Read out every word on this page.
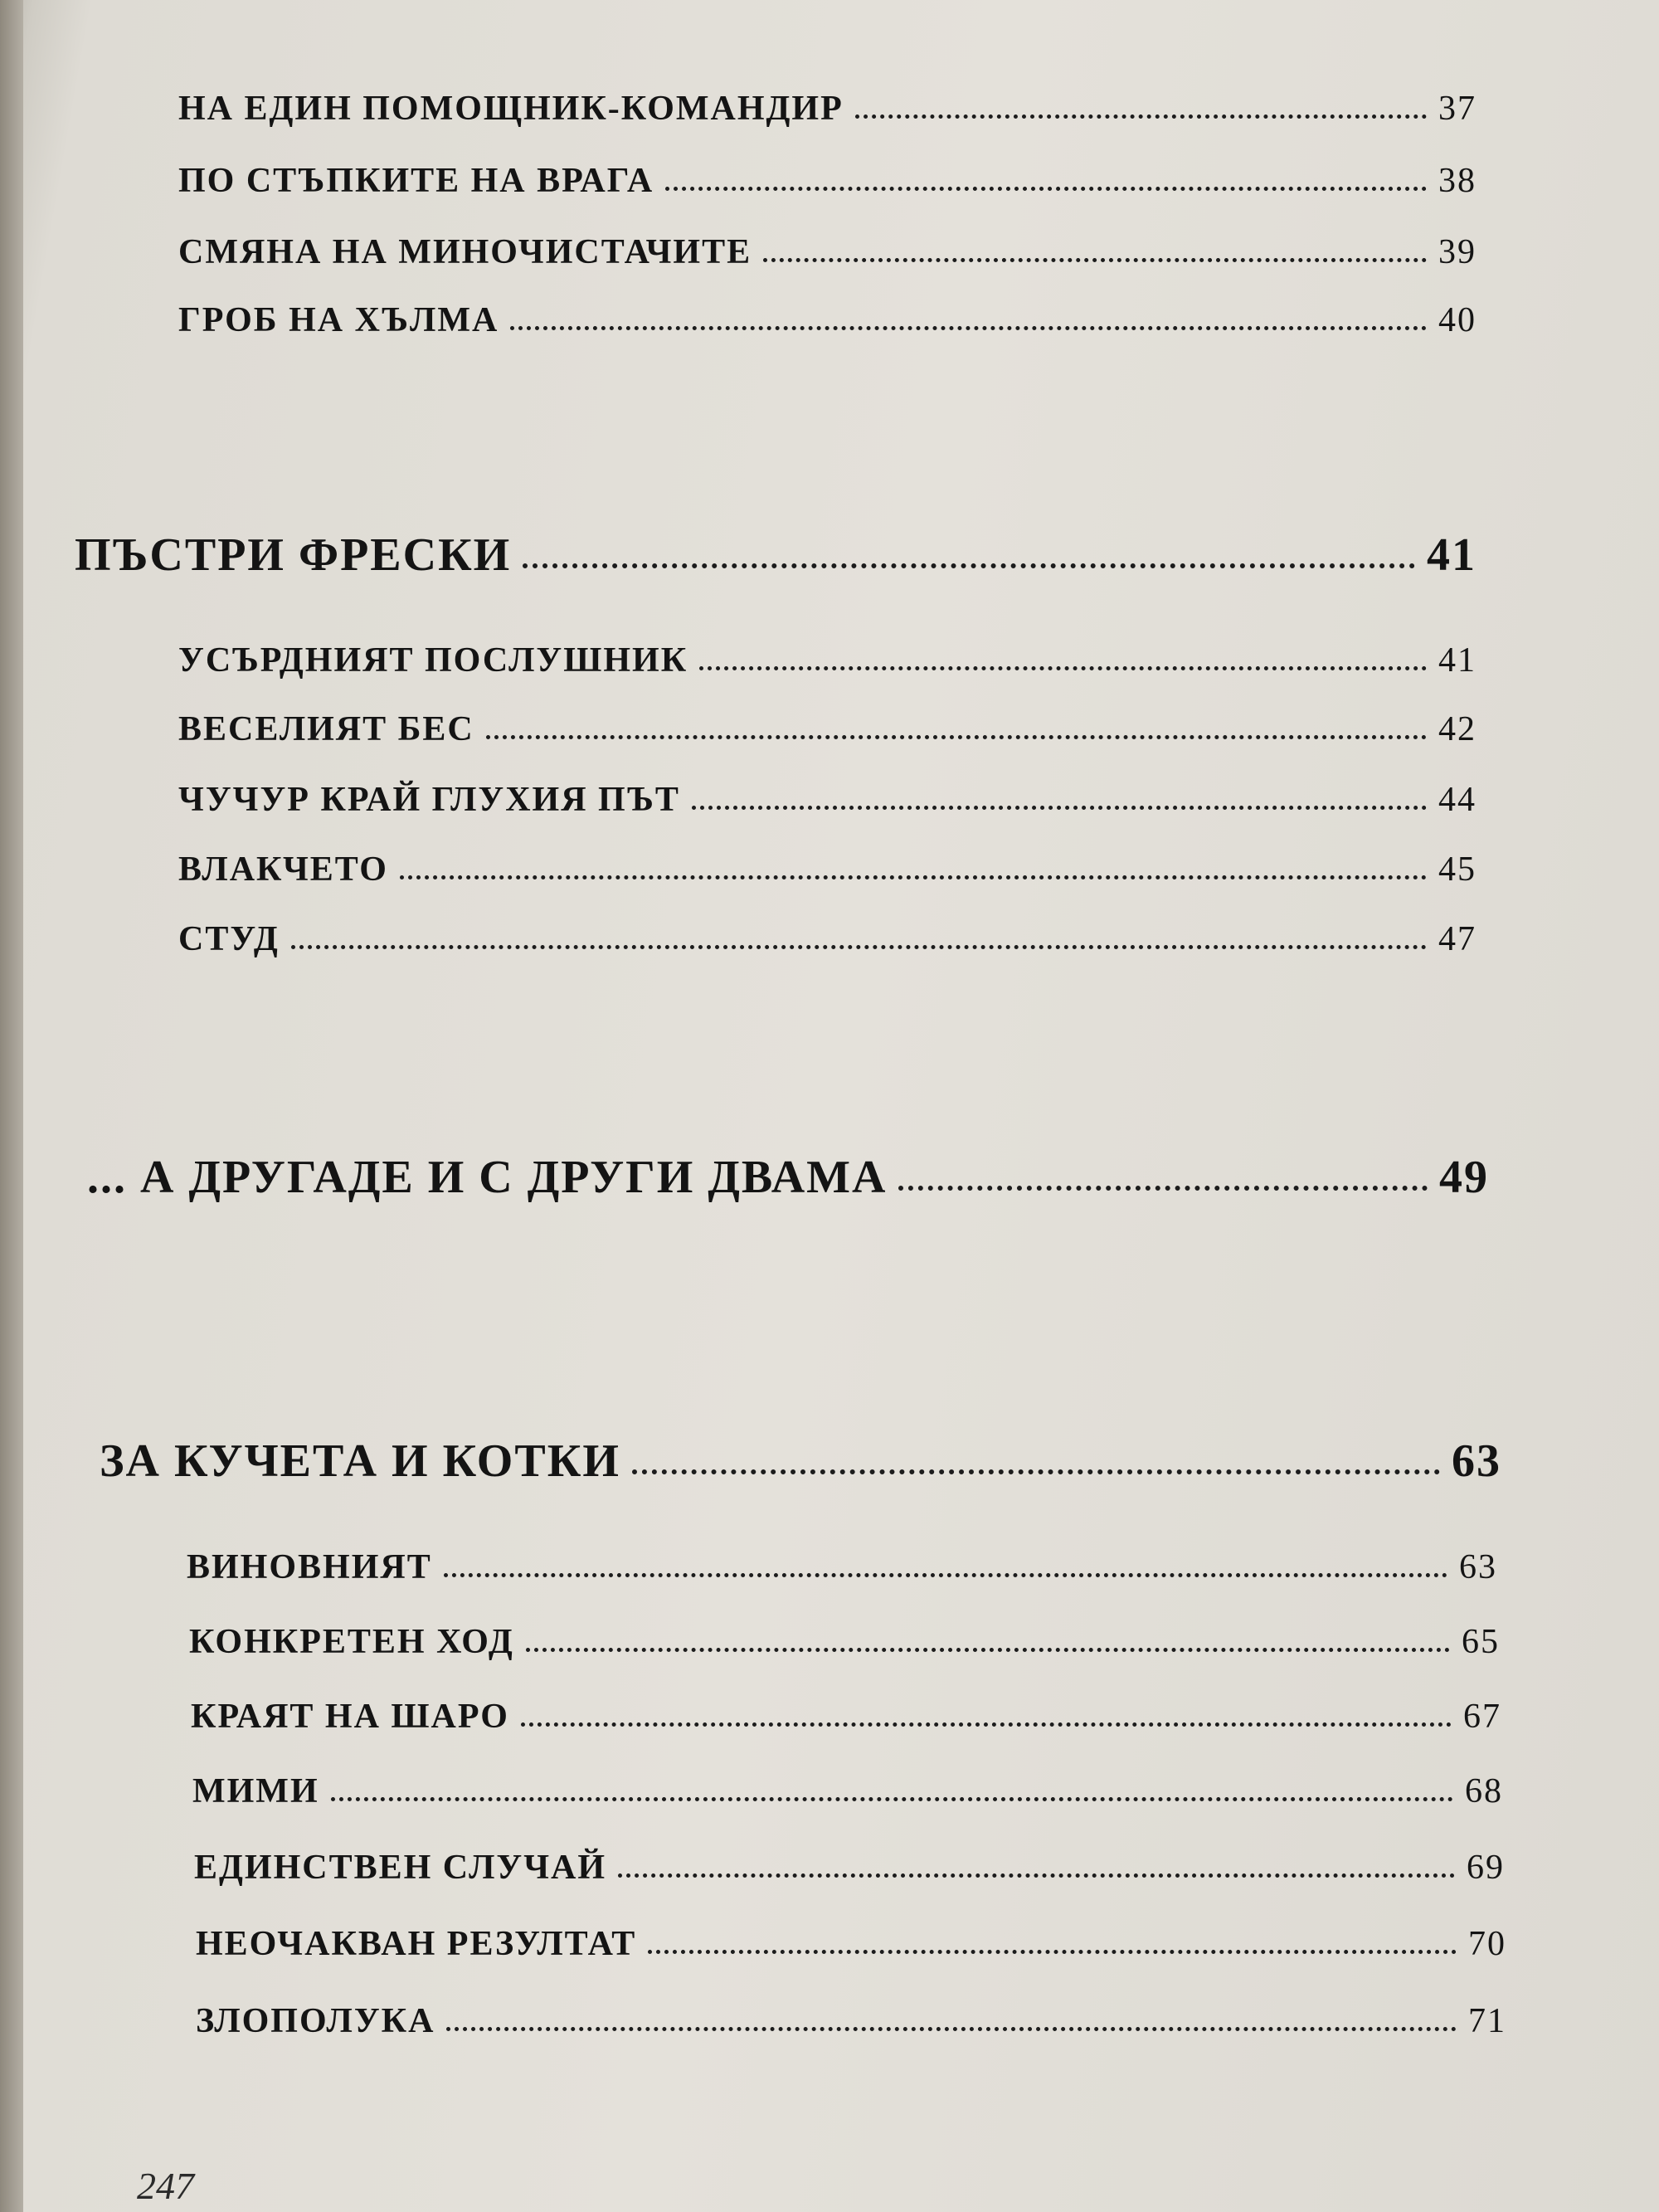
НА ЕДИН ПОМОЩНИК-КОМАНДИР	37
ПО СТЪПКИТЕ НА ВРАГА	38
СМЯНА НА МИНОЧИСТАЧИТЕ	39
ГРОБ НА ХЪЛМА	40
ПЪСТРИ ФРЕСКИ	41
УСЪРДНИЯТ ПОСЛУШНИК	41
ВЕСЕЛИЯТ БЕС	42
ЧУЧУР КРАЙ ГЛУХИЯ ПЪТ	44
ВЛАКЧЕТО	45
СТУД	47
... А ДРУГАДЕ И С ДРУГИ ДВАМА	49
ЗА КУЧЕТА И КОТКИ	63
ВИНОВНИЯТ	63
КОНКРЕТЕН ХОД	65
КРАЯТ НА ШАРО	67
МИМИ	68
ЕДИНСТВЕН СЛУЧАЙ	69
НЕОЧАКВАН РЕЗУЛТАТ	70
ЗЛОПОЛУКА	71
247
